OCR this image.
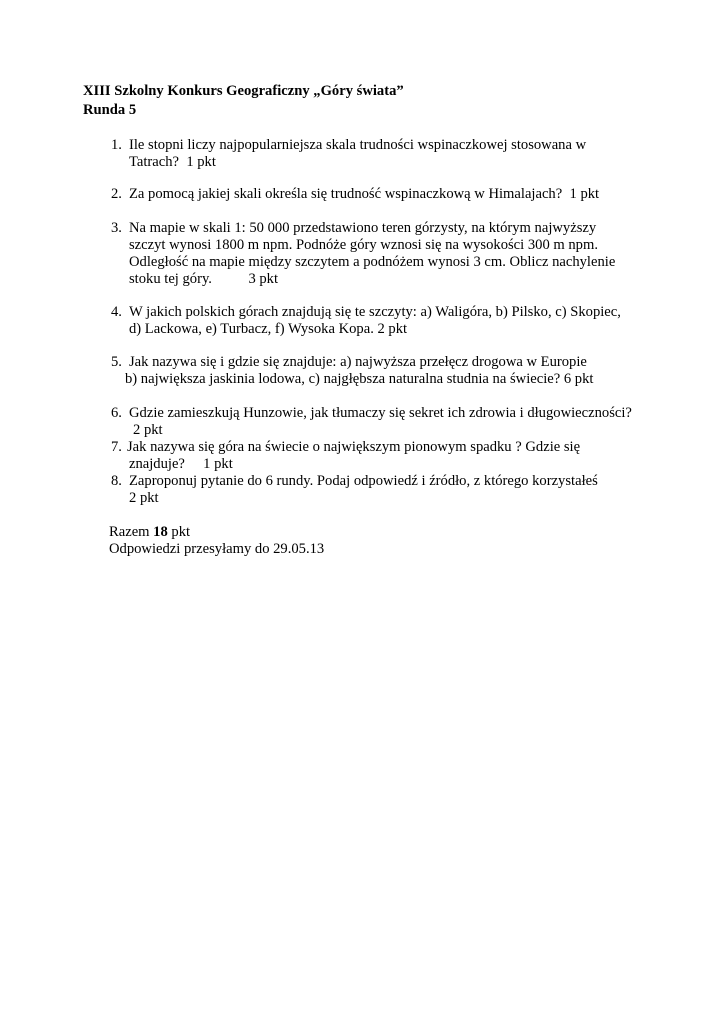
XIII Szkolny Konkurs Geograficzny „Góry świata”
Runda 5
1. Ile stopni liczy najpopularniejsza skala trudności wspinaczkowej stosowana w
Tatrach?  1 pkt
2. Za pomocą jakiej skali określa się trudność wspinaczkową w Himalajach?  1 pkt
3. Na mapie w skali 1: 50 000 przedstawiono teren górzysty, na którym najwyższy
szczyt wynosi 1800 m npm. Podnóże góry wznosi się na wysokości 300 m npm.
Odległość na mapie między szczytem a podnóżem wynosi 3 cm. Oblicz nachylenie
stoku tej góry.          3 pkt
4. W jakich polskich górach znajdują się te szczyty: a) Waligóra, b) Pilsko, c) Skopiec,
d) Lackowa, e) Turbacz, f) Wysoka Kopa. 2 pkt
5. Jak nazywa się i gdzie się znajduje: a) najwyższa przełęcz drogowa w Europie
b) największa jaskinia lodowa, c) najgłębsza naturalna studnia na świecie? 6 pkt
6. Gdzie zamieszkują Hunzowie, jak tłumaczy się sekret ich zdrowia i długowieczności?
2 pkt
7. Jak nazywa się góra na świecie o największym pionowym spadku ? Gdzie się
znajduje?     1 pkt
8. Zaproponuj pytanie do 6 rundy. Podaj odpowiedź i źródło, z którego korzystałeś
2 pkt
Razem 18 pkt
Odpowiedzi przesyłamy do 29.05.13
